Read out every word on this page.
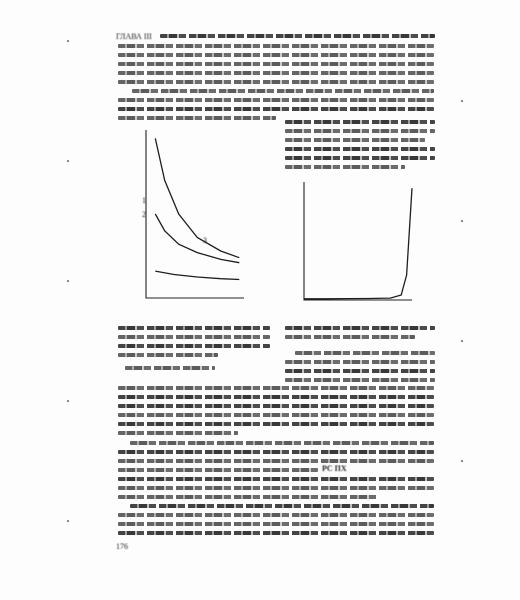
ГЛАВА III
1
2
3
PC ПХ
176
